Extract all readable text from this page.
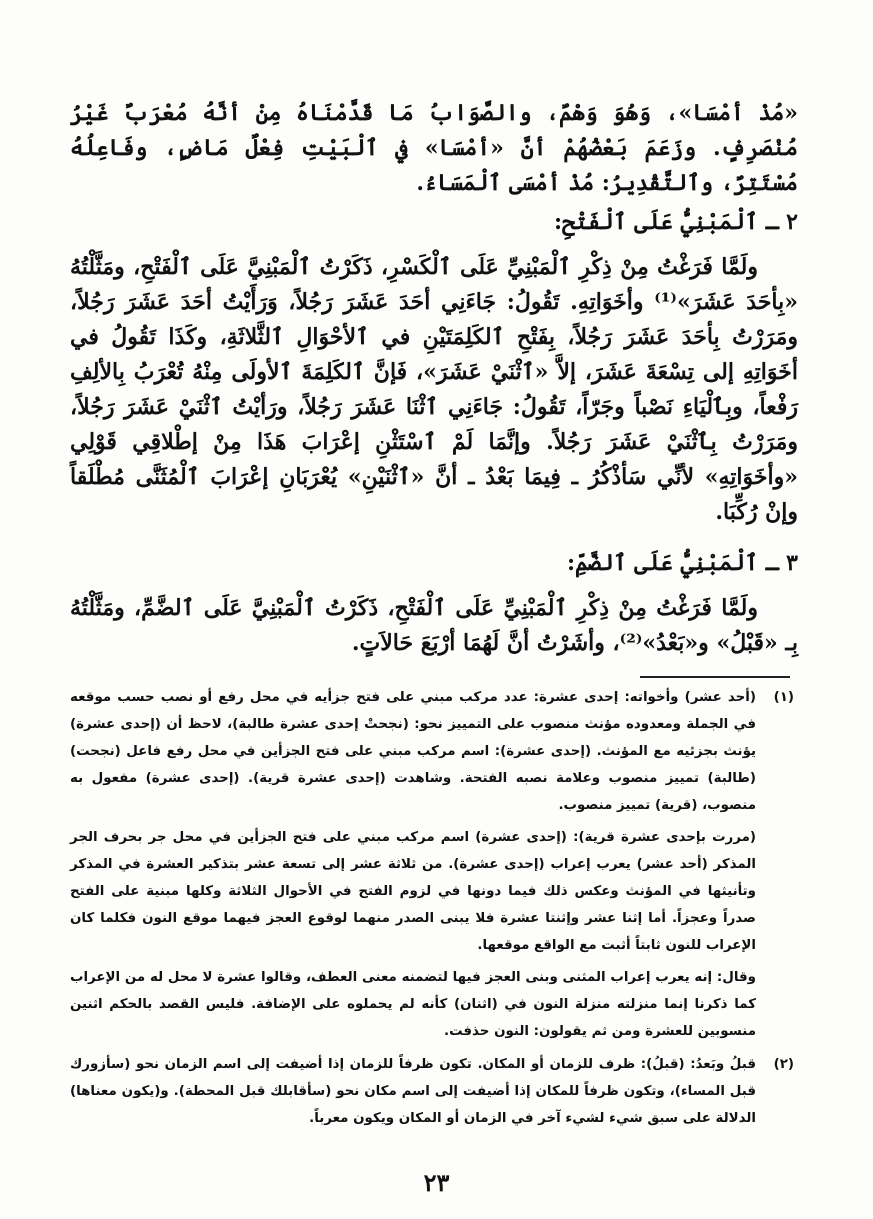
«مُذْ أمْسَا»، وَهُوَ وَهْمٌ، والصَّوَابُ مَا قَدَّمْنَاهُ مِنْ أنَّهُ مُعْرَبٌ غَيْرُ مُنْصَرِفٍ. وزَعَمَ بَعْضُهُمْ أنَّ «أمْسَا» في ٱلْبَيْتِ فِعْلٌ مَاضٍ، وفَاعِلُهُ مُسْتَتِرٌ، وٱلتَّقْدِيرُ: مُذْ أمْسَى ٱلْمَسَاءُ.

٢ ـ ٱلْمَبْنِيُّ عَلَى ٱلْفَتْحِ:

ولَمَّا فَرَغْتُ مِنْ ذِكْرِ ٱلْمَبْنِيِّ عَلَى ٱلْكَسْرِ، ذَكَرْتُ ٱلْمَبْنِيَّ عَلَى ٱلْفَتْحِ، ومَثَّلْتُهُ «بِأحَدَ عَشَرَ»⁽¹⁾ وأخَوَاتِهِ. تَقُولُ: جَاءَنِي أحَدَ عَشَرَ رَجُلاً، وَرَأَيْتُ أحَدَ عَشَرَ رَجُلاً، ومَرَرْتُ بِأحَدَ عَشَرَ رَجُلاً، بِفَتْحِ ٱلكَلِمَتَيْنِ في ٱلأحْوَالِ ٱلثَّلاثَةِ، وكَذَا تَقُولُ في أخَوَاتِهِ إلى تِسْعَةَ عَشَرَ، إلاَّ «ٱثْنَيْ عَشَرَ»، فَإنَّ ٱلكَلِمَةَ ٱلأولَى مِنْهُ تُعْرَبُ بِالألِفِ رَفْعاً، وبِٱلْيَاءِ نَصْباً وجَرّاً، تَقُولُ: جَاءَنِي ٱثْنَا عَشَرَ رَجُلاً، ورَأيْتُ ٱثْنَيْ عَشَرَ رَجُلاً، ومَرَرْتُ بِٱثْنَيْ عَشَرَ رَجُلاً. وإنَّمَا لَمْ ٱسْتَثْنِ إعْرَابَ هَذَا مِنْ إطْلاقِي قَوْلِي «وأخَوَاتِهِ» لأنِّي سَأذْكُرُ ـ فِيمَا بَعْدُ ـ أنَّ «ٱثْنَيْنِ» يُعْرَبَانِ إعْرَابَ ٱلْمُثَنَّى مُطْلَقاً وإنْ رُكِّبَا.

٣ ـ ٱلْمَبْنِيُّ عَلَى ٱلضَّمِّ:

ولَمَّا فَرَغْتُ مِنْ ذِكْرِ ٱلْمَبْنِيِّ عَلَى ٱلْفَتْحِ، ذَكَرْتُ ٱلْمَبْنِيَّ عَلَى ٱلضَّمِّ، ومَثَّلْتُهُ بِـ «قَبْلُ» و«بَعْدُ»⁽²⁾، وأشَرْتُ أنَّ لَهُمَا أرْبَعَ حَالاَتٍ.

(١)

(أحد عشر) وأخواته: إحدى عشرة: عدد مركب مبني على فتح جزأيه في محل رفع أو نصب حسب موقعه في الجملة ومعدوده مؤنث منصوب على التمييز نحو: (نجحتْ إحدى عشرة طالبة)، لاحظ أن (إحدى عشرة) يؤنث بجزئيه مع المؤنث. (إحدى عشرة): اسم مركب مبني على فتح الجزأين في محل رفع فاعل (نجحت) (طالبة) تمييز منصوب وعلامة نصبه الفتحة. وشاهدت (إحدى عشرة قرية). (إحدى عشرة) مفعول به منصوب، (قرية) تمييز منصوب.

(مررت بإحدى عشرة قرية): (إحدى عشرة) اسم مركب مبني على فتح الجزأين في محل جر بحرف الجر المذكر (أحد عشر) يعرب إعراب (إحدى عشرة). من ثلاثة عشر إلى تسعة عشر بتذكير العشرة في المذكر وتأنيثها في المؤنث وعكس ذلك فيما دونها في لزوم الفتح في الأحوال الثلاثة وكلها مبنية على الفتح صدراً وعجزاً. أما إثنا عشر وإثنتا عشرة فلا يبنى الصدر منهما لوقوع العجز فيهما موقع النون فكلما كان الإعراب للنون ثابتاً أثبت مع الواقع موقعها.

وقال: إنه يعرب إعراب المثنى وبنى العجز فيها لتضمنه معنى العطف، وقالوا عشرة لا محل له من الإعراب كما ذكرنا إنما منزلته منزلة النون في (اثنان) كأنه لم يحملوه على الإضافة. فليس القصد بالحكم اثنين منسوبين للعشرة ومن ثم يقولون: النون حذفت.

(٢)

قبلُ وبَعدُ: (قبلُ): ظرف للزمان أو المكان. تكون ظرفاً للزمان إذا أضيفت إلى اسم الزمان نحو (سأزورك قبل المساء)، وتكون ظرفاً للمكان إذا أضيفت إلى اسم مكان نحو (سأقابلك قبل المحطة). و(يكون معناها) الدلالة على سبق شيء لشيء آخر في الزمان أو المكان ويكون معرباً.

٢٣
